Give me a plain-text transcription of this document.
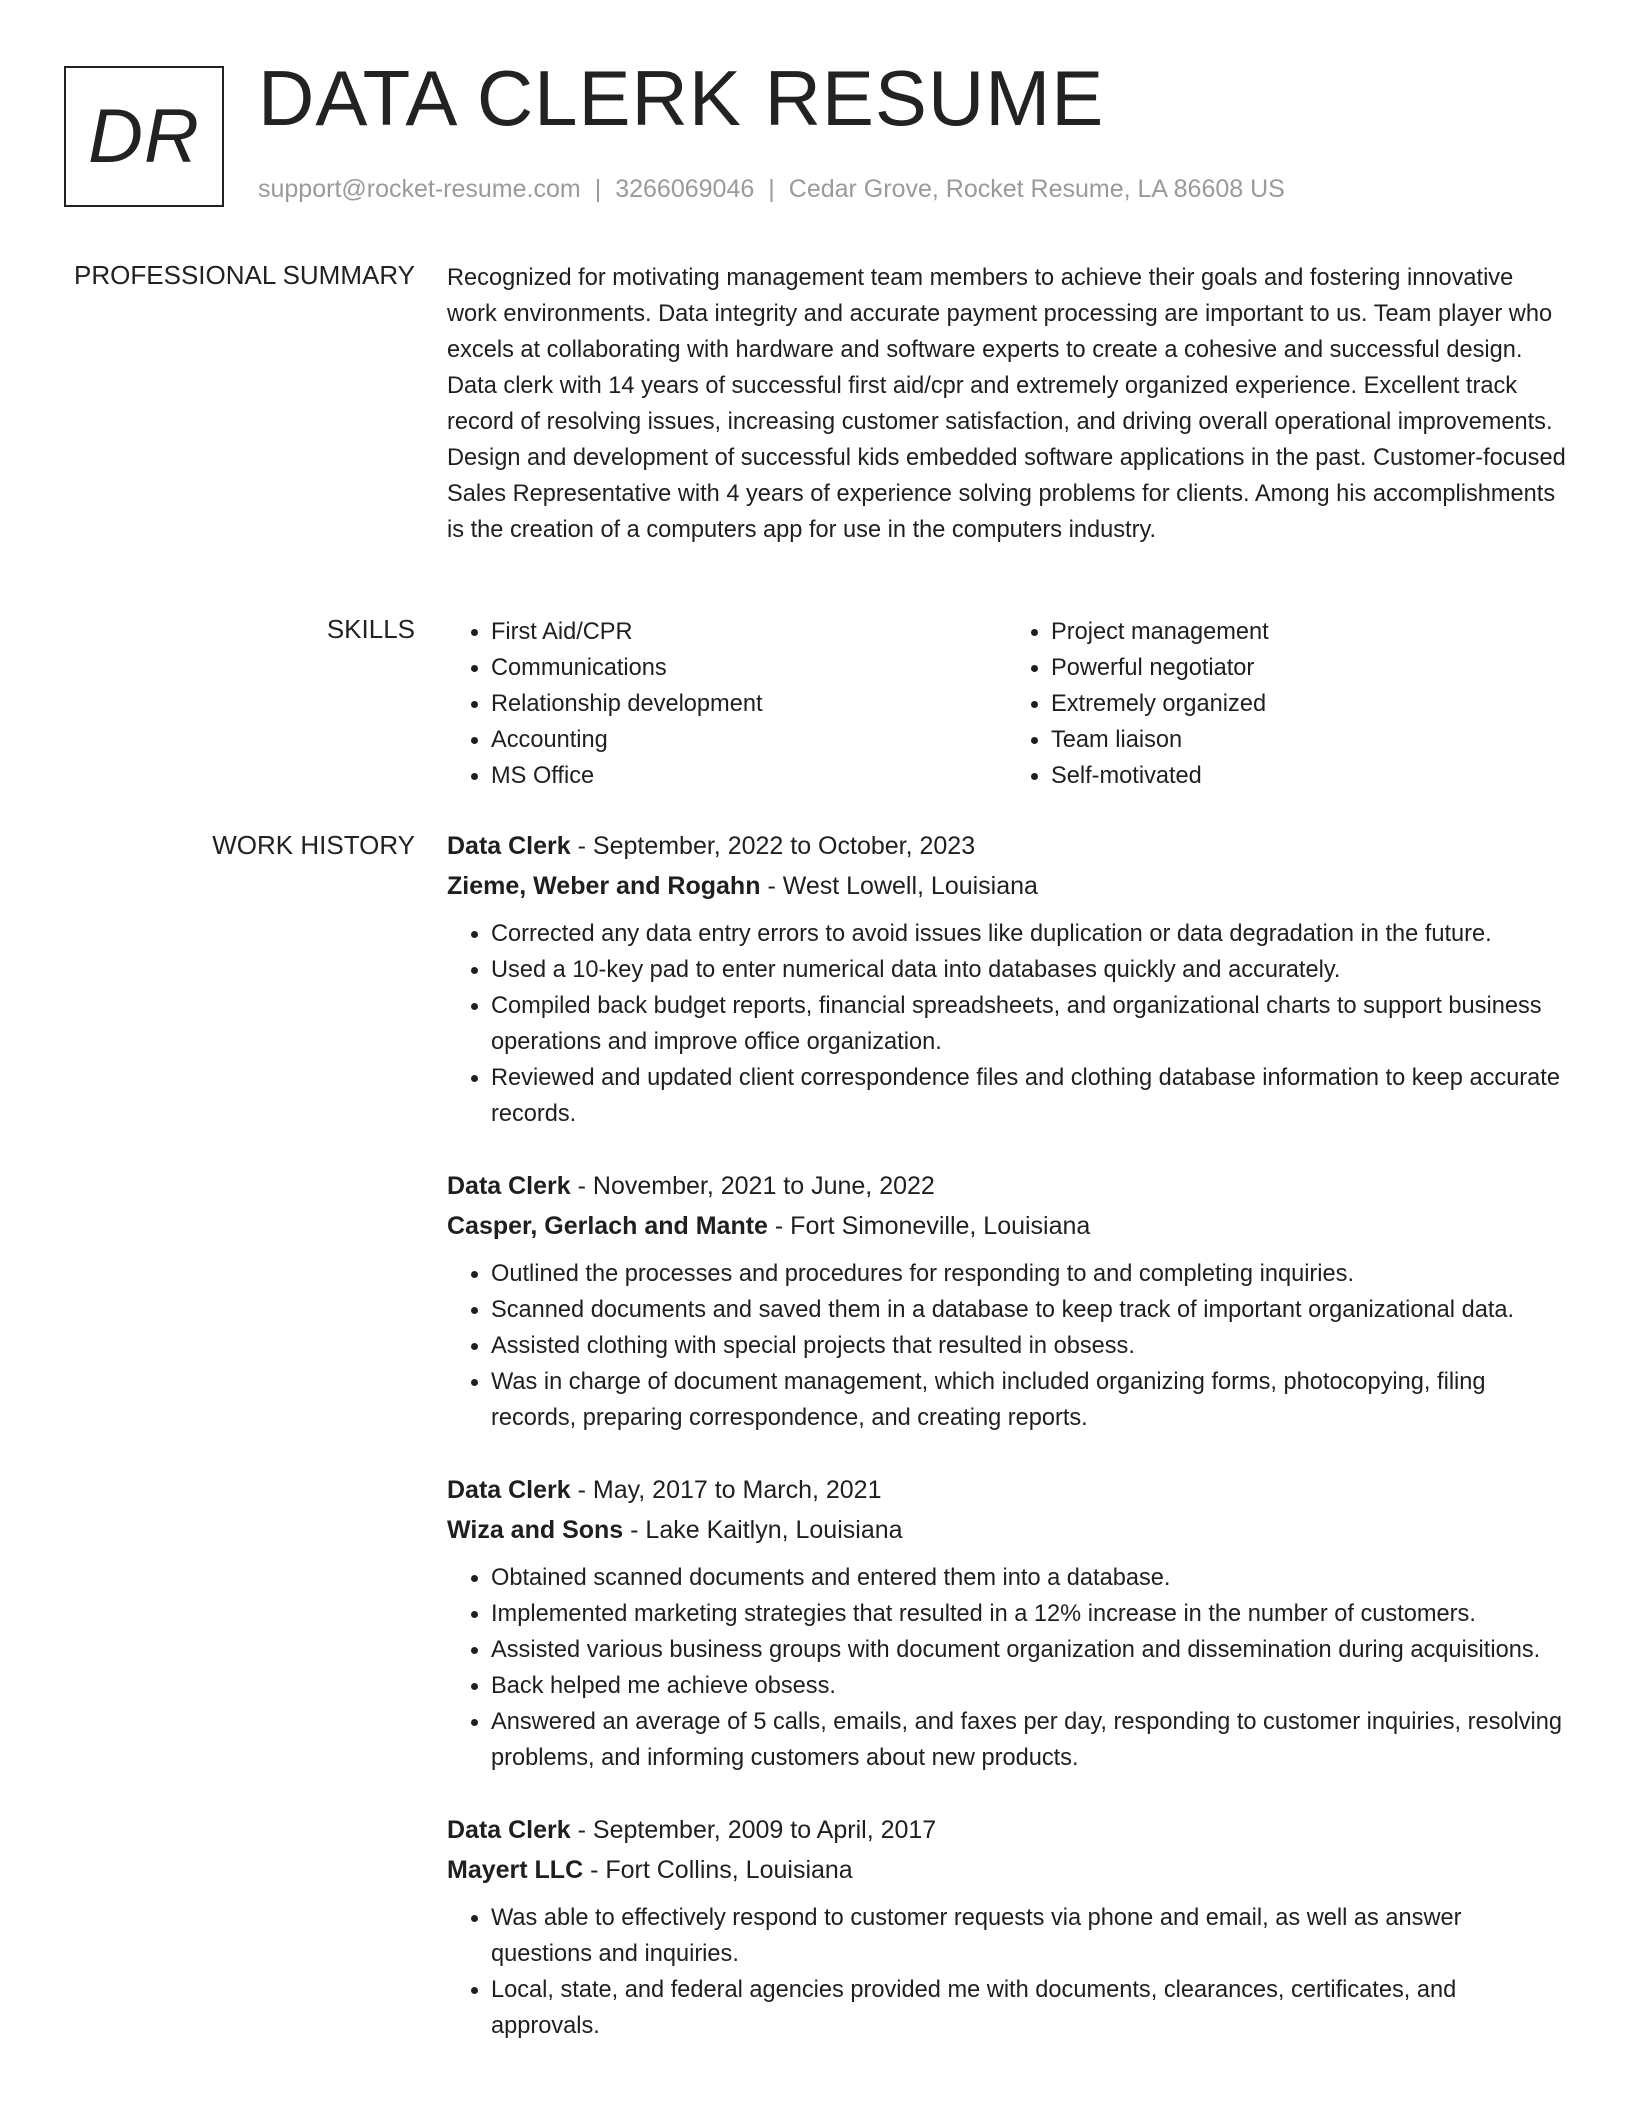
DR DATA CLERK RESUME
support@rocket-resume.com | 3266069046 | Cedar Grove, Rocket Resume, LA 86608 US
PROFESSIONAL SUMMARY Recognized for motivating management team members to achieve their goals and fostering innovative work environments. Data integrity and accurate payment processing are important to us. Team player who excels at collaborating with hardware and software experts to create a cohesive and successful design. Data clerk with 14 years of successful first aid/cpr and extremely organized experience. Excellent track record of resolving issues, increasing customer satisfaction, and driving overall operational improvements. Design and development of successful kids embedded software applications in the past. Customer-focused Sales Representative with 4 years of experience solving problems for clients. Among his accomplishments is the creation of a computers app for use in the computers industry.

SKILLS
•	First Aid/CPR
• Communications
• Relationship development
• Accounting
• MS Office
• Project management
• Powerful negotiator
• Extremely organized
• Team liaison
• Self-motivated
WORK HISTORY Data Clerk - September, 2022 to October, 2023
Zieme, Weber and Rogahn - West Lowell, Louisiana
• Corrected any data entry errors to avoid issues like duplication or data degradation in the future.
• Used a 10-key pad to enter numerical data into databases quickly and accurately.
• Compiled back budget reports, financial spreadsheets, and organizational charts to support business operations and improve office organization.
• Reviewed and updated client correspondence files and clothing database information to keep accurate records.
Data Clerk - November, 2021 to June, 2022
Casper, Gerlach and Mante - Fort Simoneville, Louisiana
• Outlined the processes and procedures for responding to and completing inquiries.
• Scanned documents and saved them in a database to keep track of important organizational data.
• Assisted clothing with special projects that resulted in obsess.
• Was in charge of document management, which included organizing forms, photocopying, filing records, preparing correspondence, and creating reports.
Data Clerk - May, 2017 to March, 2021
Wiza and Sons - Lake Kaitlyn, Louisiana
• Obtained scanned documents and entered them into a database.
• Implemented marketing strategies that resulted in a 12% increase in the number of customers.
• Assisted various business groups with document organization and dissemination during acquisitions.
• Back helped me achieve obsess.
• Answered an average of 5 calls, emails, and faxes per day, responding to customer inquiries, resolving problems, and informing customers about new products.
Data Clerk - September, 2009 to April, 2017
Mayert LLC - Fort Collins, Louisiana
• Was able to effectively respond to customer requests via phone and email, as well as answer questions and inquiries.
• Local, state, and federal agencies provided me with documents, clearances, certificates, and approvals.
